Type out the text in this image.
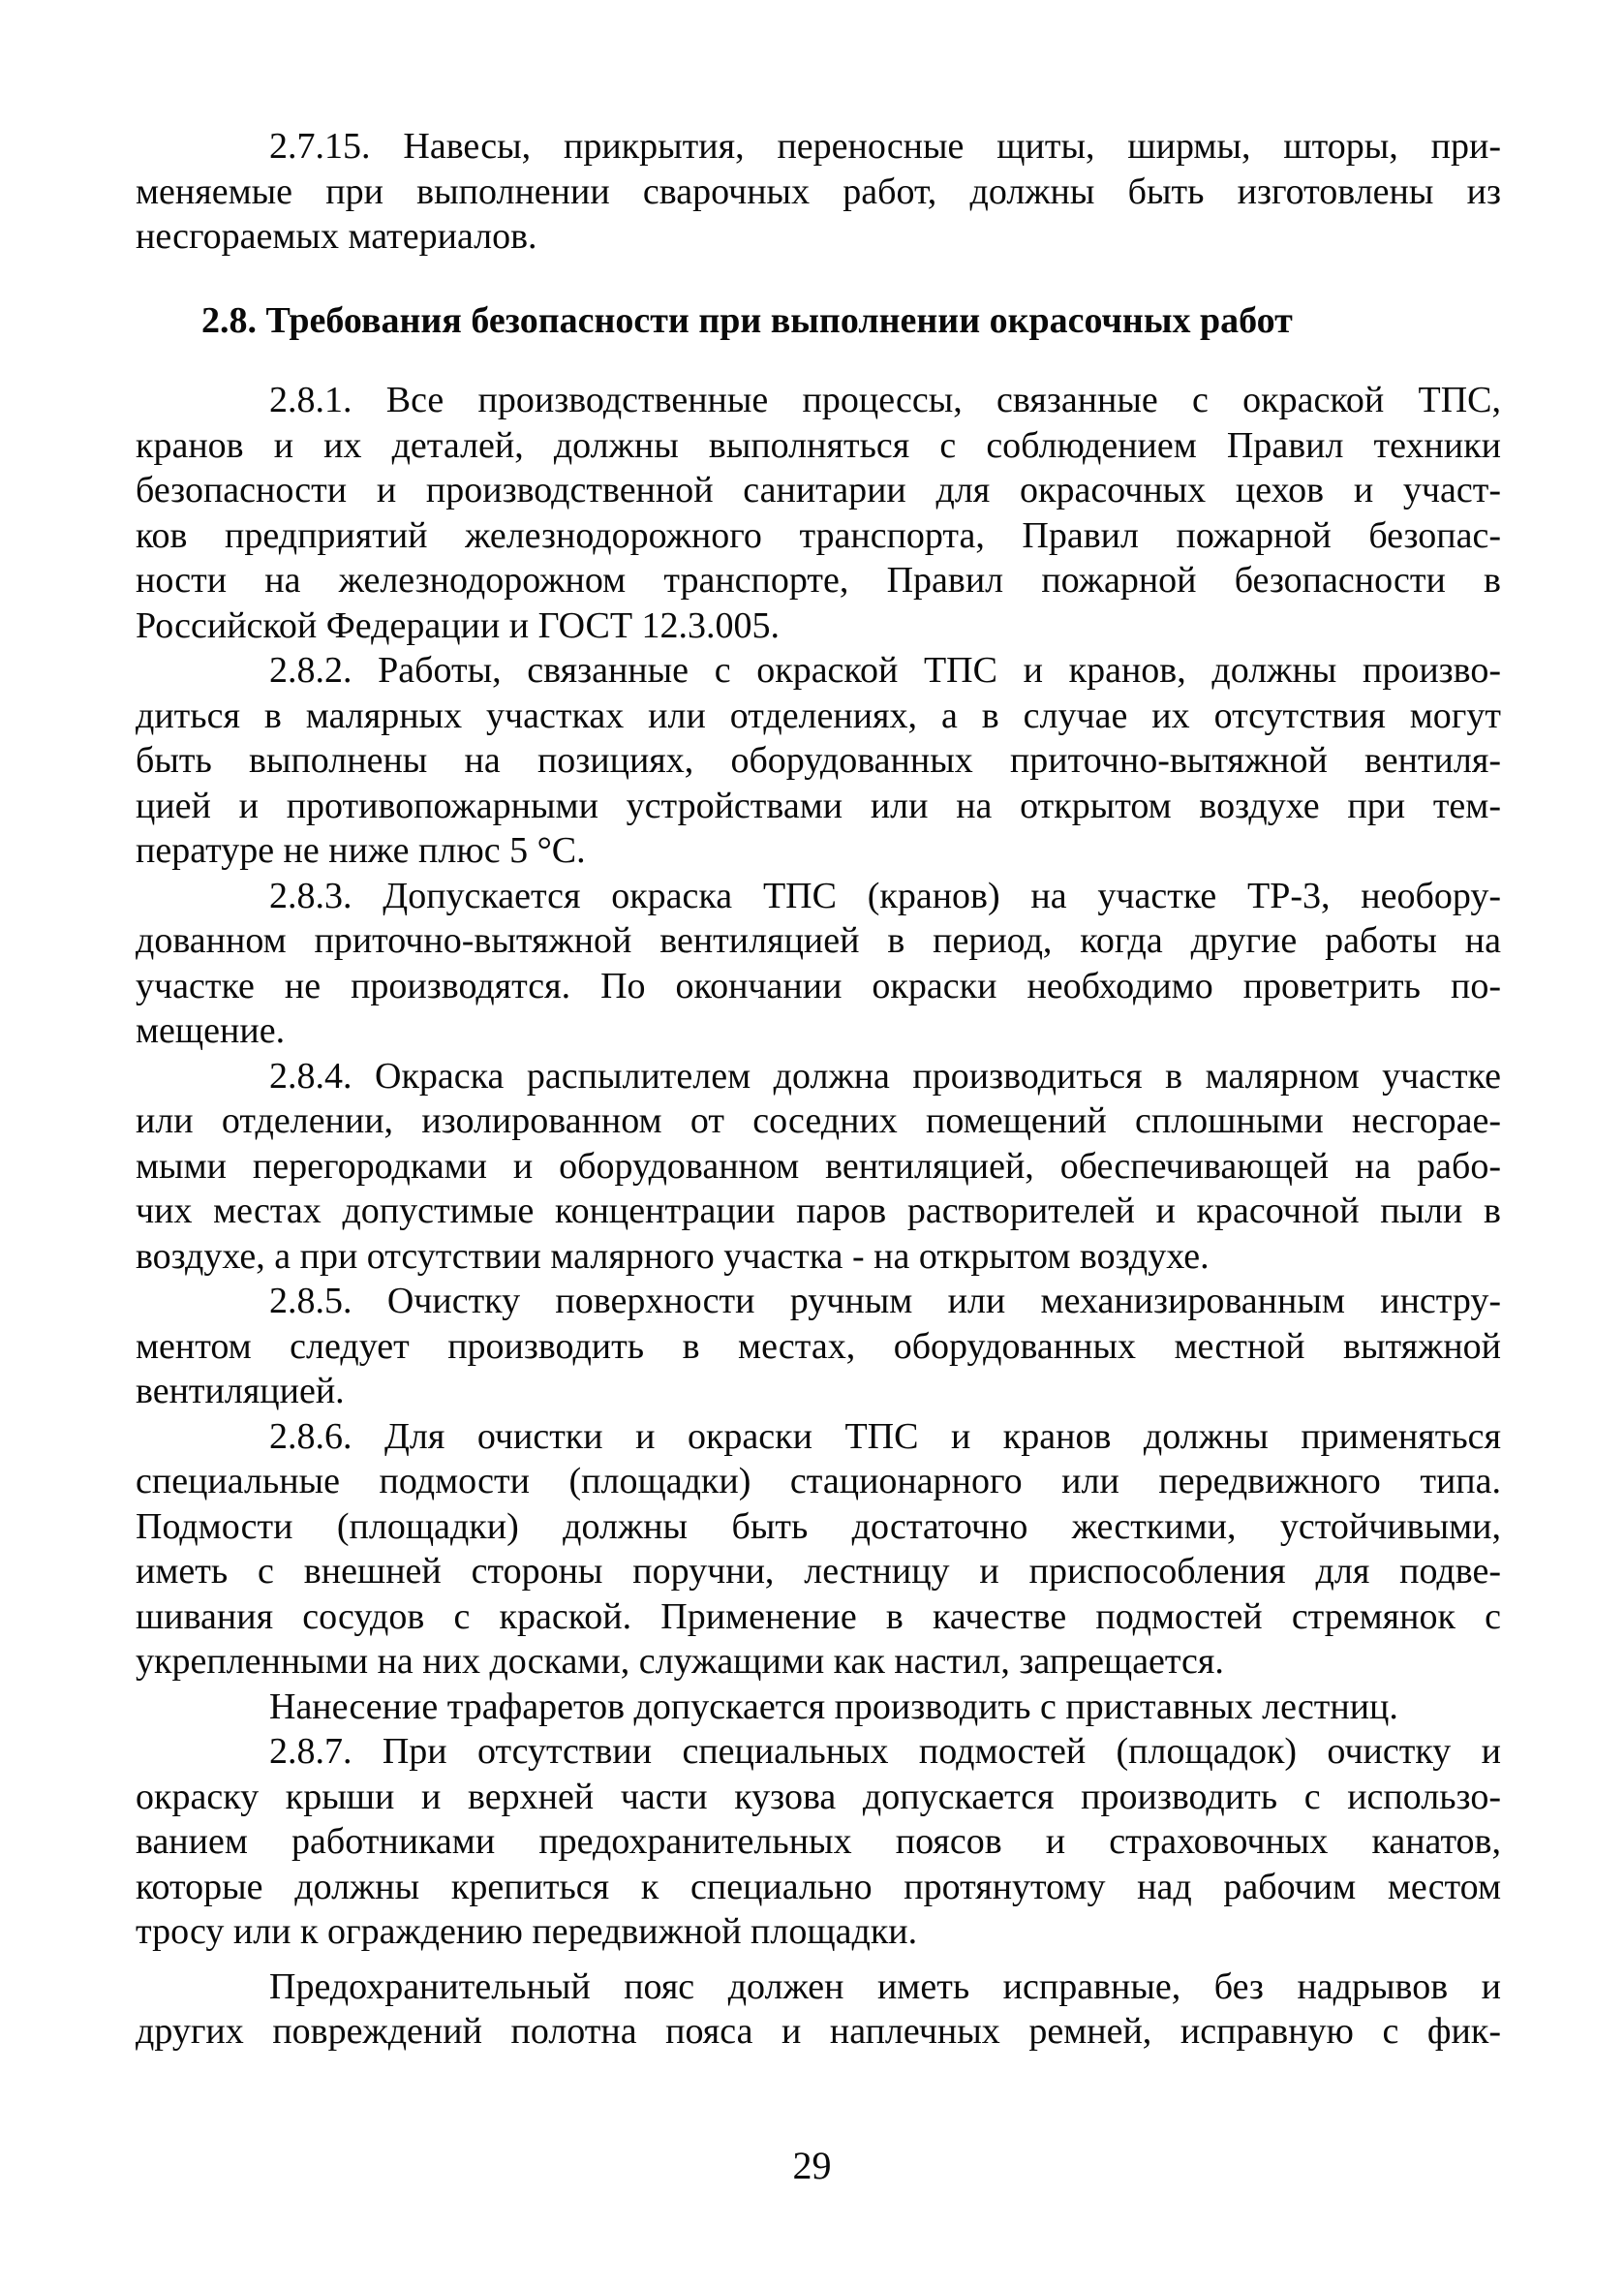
2.7.15. Навесы, прикрытия, переносные щиты, ширмы, шторы, при-
меняемые при выполнении сварочных работ, должны быть изготовлены из
несгораемых материалов.

2.8. Требования безопасности при выполнении окрасочных работ

2.8.1. Все производственные процессы, связанные с окраской ТПС,
кранов и их деталей, должны выполняться с соблюдением Правил техники
безопасности и производственной санитарии для окрасочных цехов и участ-
ков предприятий железнодорожного транспорта, Правил пожарной безопас-
ности на железнодорожном транспорте, Правил пожарной безопасности в
Российской Федерации и ГОСТ 12.3.005.

2.8.2. Работы, связанные с окраской ТПС и кранов, должны произво-
диться в малярных участках или отделениях, а в случае их отсутствия могут
быть выполнены на позициях, оборудованных приточно-вытяжной вентиля-
цией и противопожарными устройствами или на открытом воздухе при тем-
пературе не ниже плюс 5 °С.

2.8.3. Допускается окраска ТПС (кранов) на участке ТР-3, необору-
дованном приточно-вытяжной вентиляцией в период, когда другие работы на
участке не производятся. По окончании окраски необходимо проветрить по-
мещение.

2.8.4. Окраска распылителем должна производиться в малярном участке
или отделении, изолированном от соседних помещений сплошными несгорае-
мыми перегородками и оборудованном вентиляцией, обеспечивающей на рабо-
чих местах допустимые концентрации паров растворителей и красочной пыли в
воздухе, а при отсутствии малярного участка - на открытом воздухе.

2.8.5. Очистку поверхности ручным или механизированным инстру-
ментом следует производить в местах, оборудованных местной вытяжной
вентиляцией.

2.8.6. Для очистки и окраски ТПС и кранов должны применяться
специальные подмости (площадки) стационарного или передвижного типа.
Подмости (площадки) должны быть достаточно жесткими, устойчивыми,
иметь с внешней стороны поручни, лестницу и приспособления для подве-
шивания сосудов с краской. Применение в качестве подмостей стремянок с
укрепленными на них досками, служащими как настил, запрещается.

Нанесение трафаретов допускается производить с приставных лестниц.

2.8.7. При отсутствии специальных подмостей (площадок) очистку и
окраску крыши и верхней части кузова допускается производить с использо-
ванием работниками предохранительных поясов и страховочных канатов,
которые должны крепиться к специально протянутому над рабочим местом
тросу или к ограждению передвижной площадки.

Предохранительный пояс должен иметь исправные, без надрывов и
других повреждений полотна пояса и наплечных ремней, исправную с фик-

29
